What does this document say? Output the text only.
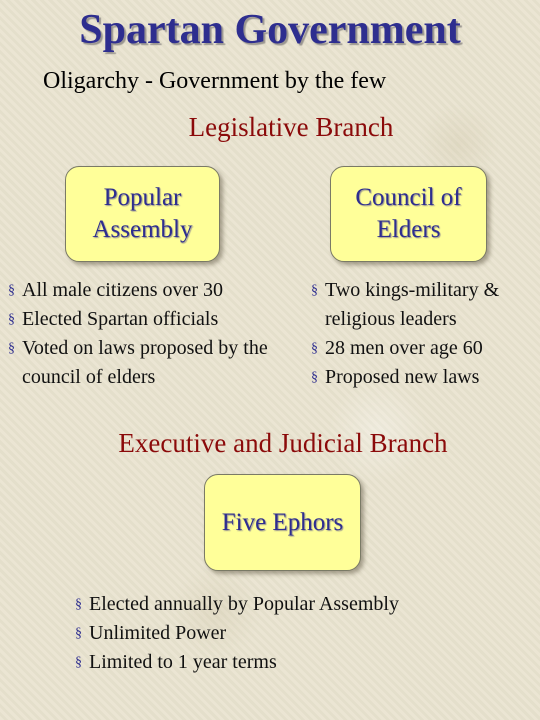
Spartan Government
Oligarchy - Government by the few
Legislative Branch
Popular
Assembly
Council of
Elders
§ All male citizens over 30
§ Elected Spartan officials
§ Voted on laws proposed by the council of elders
§ Two kings-military & religious leaders
§ 28 men over age 60
§ Proposed new laws
Executive and Judicial Branch
Five Ephors
§ Elected annually by Popular Assembly
§ Unlimited Power
§ Limited to 1 year terms
